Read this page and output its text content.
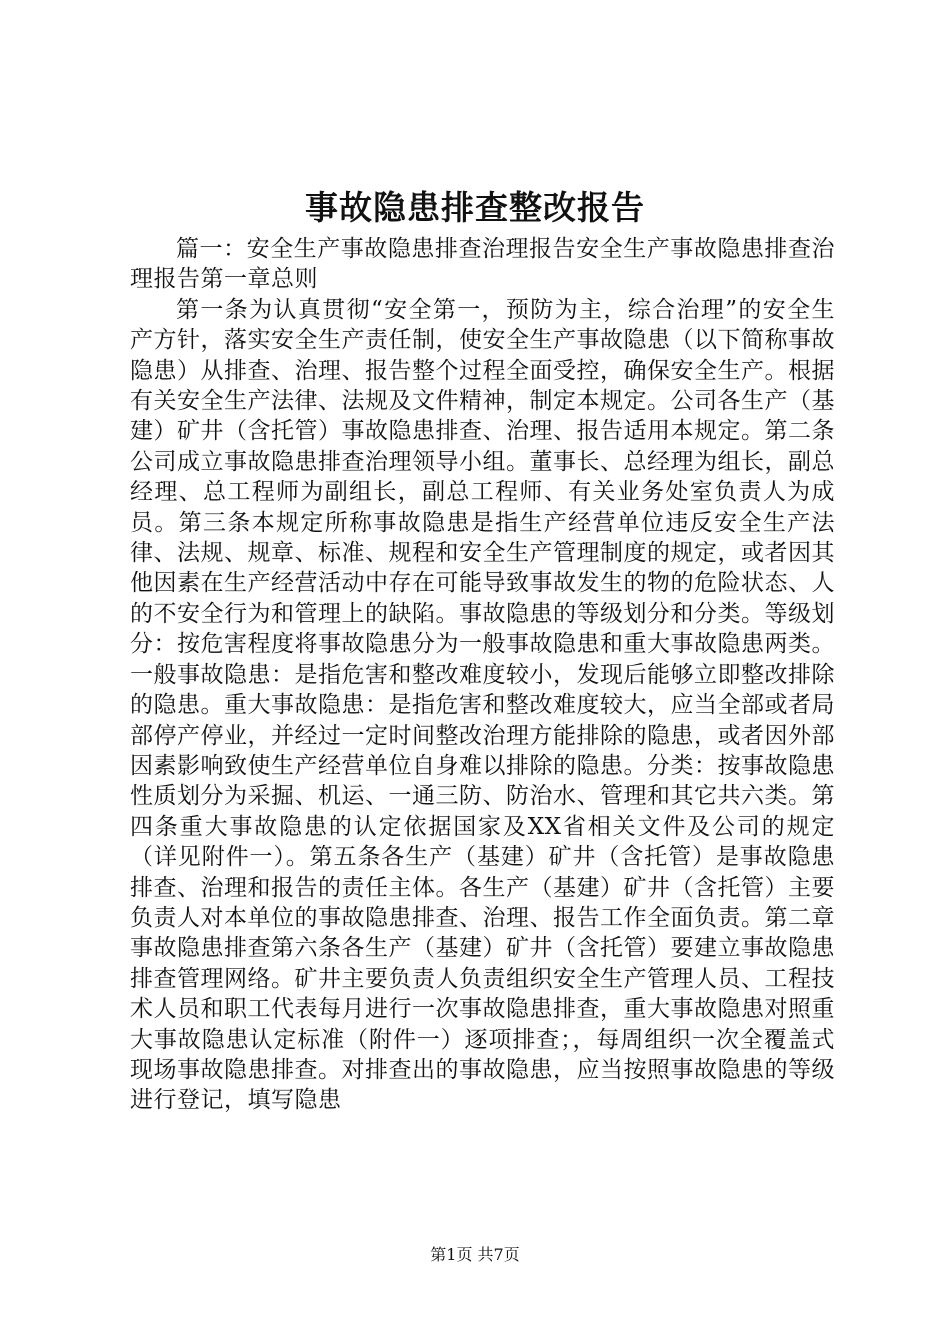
事故隐患排查整改报告

篇一：安全生产事故隐患排查治理报告安全生产事故隐患排查治理报告第一章总则

第一条为认真贯彻“安全第一，预防为主，综合治理”的安全生产方针，落实安全生产责任制，使安全生产事故隐患（以下简称事故隐患）从排查、治理、报告整个过程全面受控，确保安全生产。根据有关安全生产法律、法规及文件精神，制定本规定。公司各生产（基建）矿井（含托管）事故隐患排查、治理、报告适用本规定。第二条公司成立事故隐患排查治理领导小组。董事长、总经理为组长，副总经理、总工程师为副组长，副总工程师、有关业务处室负责人为成员。第三条本规定所称事故隐患是指生产经营单位违反安全生产法律、法规、规章、标准、规程和安全生产管理制度的规定，或者因其他因素在生产经营活动中存在可能导致事故发生的物的危险状态、人的不安全行为和管理上的缺陷。事故隐患的等级划分和分类。等级划分：按危害程度将事故隐患分为一般事故隐患和重大事故隐患两类。一般事故隐患：是指危害和整改难度较小，发现后能够立即整改排除的隐患。重大事故隐患：是指危害和整改难度较大，应当全部或者局部停产停业，并经过一定时间整改治理方能排除的隐患，或者因外部因素影响致使生产经营单位自身难以排除的隐患。分类：按事故隐患性质划分为采掘、机运、一通三防、防治水、管理和其它共六类。第四条重大事故隐患的认定依据国家及XX省相关文件及公司的规定（详见附件一）。第五条各生产（基建）矿井（含托管）是事故隐患排查、治理和报告的责任主体。各生产（基建）矿井（含托管）主要负责人对本单位的事故隐患排查、治理、报告工作全面负责。第二章事故隐患排查第六条各生产（基建）矿井（含托管）要建立事故隐患排查管理网络。矿井主要负责人负责组织安全生产管理人员、工程技术人员和职工代表每月进行一次事故隐患排查，重大事故隐患对照重大事故隐患认定标准（附件一）逐项排查；，每周组织一次全覆盖式现场事故隐患排查。对排查出的事故隐患，应当按照事故隐患的等级进行登记，填写隐患

第1页 共7页
